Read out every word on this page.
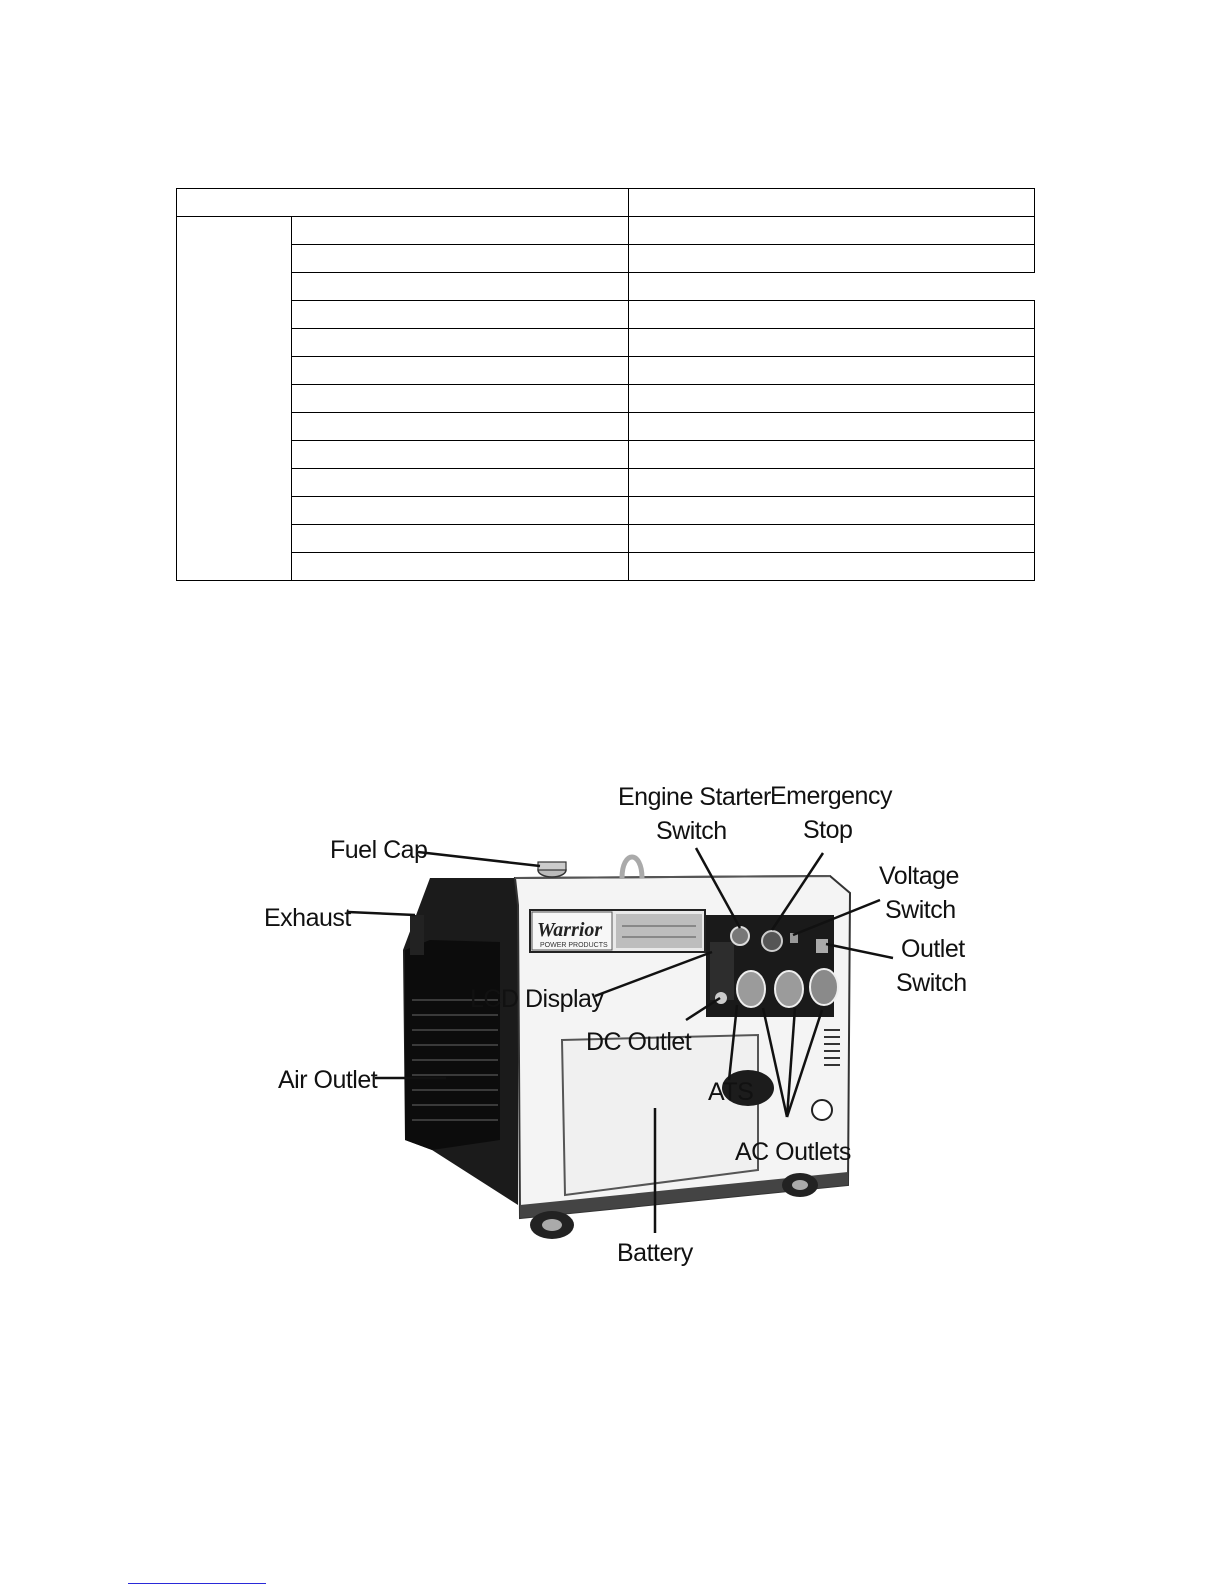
Warrior
POWER PRODUCTS
Fuel Cap
Exhaust
Air Outlet
Engine Starter
Switch
Emergency
Stop
Voltage
Switch
Outlet
Switch
LCD Display
DC Outlet
ATS
AC Outlets
Battery
